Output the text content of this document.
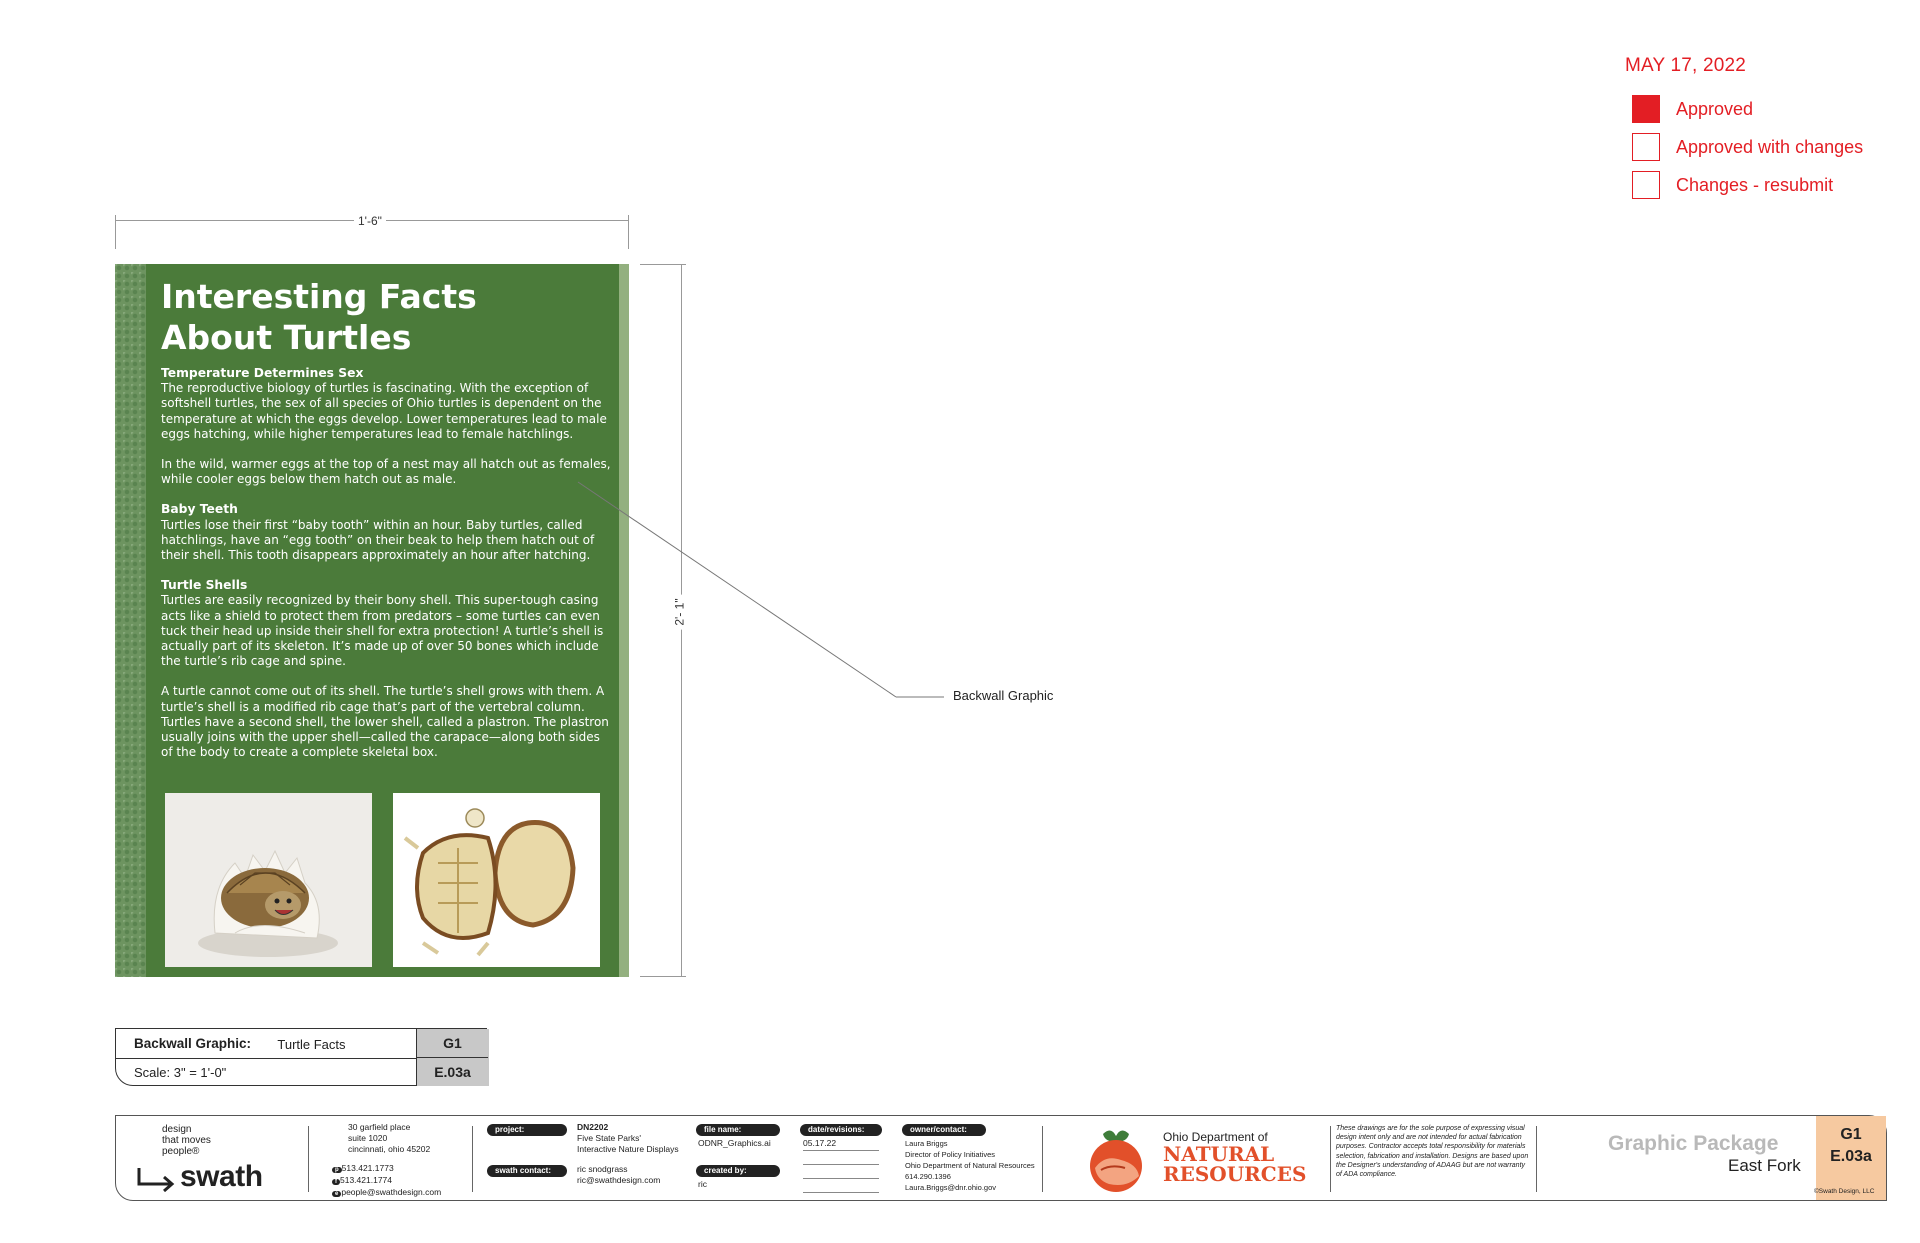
MAY 17, 2022
Approved
Approved with changes
Changes - resubmit
1'-6"
2'- 1"
Interesting Facts
About Turtles
Temperature Determines Sex

The reproductive biology of turtles is fascinating. With the exception of softshell turtles, the sex of all species of Ohio turtles is dependent on the temperature at which the eggs develop. Lower temperatures lead to male eggs hatching, while higher temperatures lead to female hatchlings.

In the wild, warmer eggs at the top of a nest may all hatch out as females, while cooler eggs below them hatch out as male.

Baby Teeth

Turtles lose their first “baby tooth” within an hour. Baby turtles, called hatchlings, have an “egg tooth” on their beak to help them hatch out of their shell. This tooth disappears approximately an hour after hatching.

Turtle Shells

Turtles are easily recognized by their bony shell. This super-tough casing acts like a shield to protect them from predators – some turtles can even tuck their head up inside their shell for extra protection! A turtle’s shell is actually part of its skeleton. It’s made up of over 50 bones which include the turtle’s rib cage and spine.

A turtle cannot come out of its shell. The turtle’s shell grows with them. A turtle’s shell is a modified rib cage that’s part of the vertebral column. Turtles have a second shell, the lower shell, called a plastron. The plastron usually joins with the upper shell—called the carapace—along both sides of the body to create a complete skeletal box.

Backwall Graphic
Backwall Graphic: Turtle Facts
Scale: 3" = 1'-0"
G1
E.03a
design
that moves
people®
swath
30 garfield place
suite 1020
cincinnati, ohio 45202
p 513.421.1773
f 513.421.1774
e people@swathdesign.com
project:	DN2202
Five State Parks'
Interactive Nature Displays
swath contact:	ric snodgrass
ric@swathdesign.com
file name:
ODNR_Graphics.ai
created by:
ric
date/revisions:
05.17.22
owner/contact:
Laura Briggs
Director of Policy Initiatives
Ohio Department of Natural Resources
614.290.1396
Laura.Briggs@dnr.ohio.gov
Ohio Department of
NATURAL
RESOURCES
These drawings are for the sole purpose of expressing visual design intent only and are not intended for actual fabrication purposes. Contractor accepts total responsibility for materials selection, fabrication and installation. Designs are based upon the Designer's understanding of ADAAG but are not warranty of ADA compliance.
Graphic Package
East Fork
G1
E.03a
©Swath Design, LLC
